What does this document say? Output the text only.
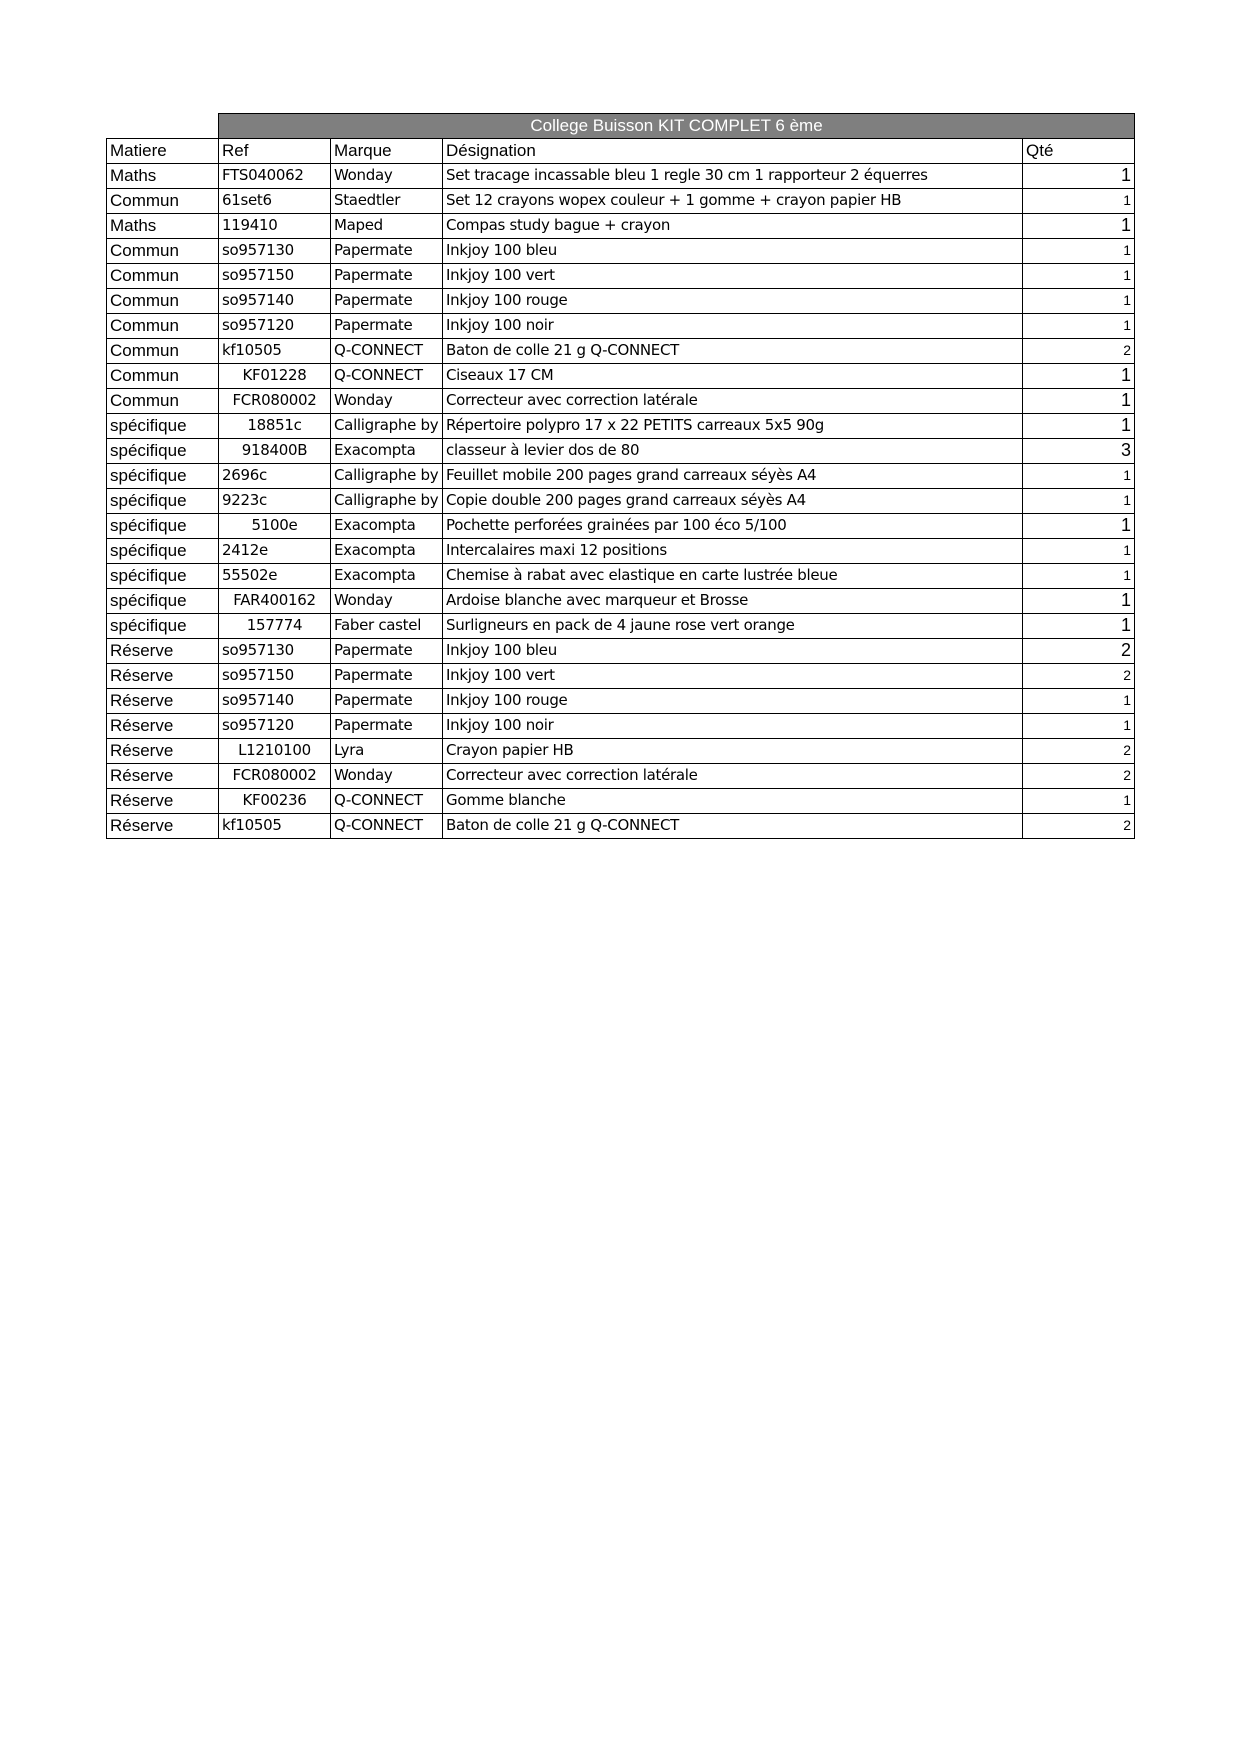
	College Buisson KIT COMPLET 6 ème			
Matiere	Ref	Marque	Désignation	Qté
Maths	FTS040062	Wonday	Set tracage incassable bleu 1 regle 30 cm 1 rapporteur 2 équerres	1
Commun	61set6	Staedtler	Set 12 crayons wopex couleur + 1 gomme + crayon papier HB	1
Maths	119410	Maped	Compas study bague + crayon	1
Commun	so957130	Papermate	Inkjoy 100 bleu	1
Commun	so957150	Papermate	Inkjoy 100 vert	1
Commun	so957140	Papermate	Inkjoy 100 rouge	1
Commun	so957120	Papermate	Inkjoy 100 noir	1
Commun	kf10505	Q-CONNECT	Baton de colle 21 g Q-CONNECT	2
Commun	KF01228	Q-CONNECT	Ciseaux 17 CM	1
Commun	FCR080002	Wonday	Correcteur avec correction latérale	1
spécifique	18851c	Calligraphe by	Répertoire polypro 17 x 22 PETITS carreaux 5x5 90g	1
spécifique	918400B	Exacompta	classeur à levier dos de 80	3
spécifique	2696c	Calligraphe by	Feuillet mobile 200 pages grand carreaux séyès A4	1
spécifique	9223c	Calligraphe by	Copie double 200 pages grand carreaux séyès A4	1
spécifique	5100e	Exacompta	Pochette perforées grainées par 100 éco 5/100	1
spécifique	2412e	Exacompta	Intercalaires maxi 12 positions	1
spécifique	55502e	Exacompta	Chemise à rabat avec elastique en carte lustrée bleue	1
spécifique	FAR400162	Wonday	Ardoise blanche avec marqueur et Brosse	1
spécifique	157774	Faber castel	Surligneurs en pack de 4 jaune rose vert orange	1
Réserve	so957130	Papermate	Inkjoy 100 bleu	2
Réserve	so957150	Papermate	Inkjoy 100 vert	2
Réserve	so957140	Papermate	Inkjoy 100 rouge	1
Réserve	so957120	Papermate	Inkjoy 100 noir	1
Réserve	L1210100	Lyra	Crayon papier HB	2
Réserve	FCR080002	Wonday	Correcteur avec correction latérale	2
Réserve	KF00236	Q-CONNECT	Gomme blanche	1
Réserve	kf10505	Q-CONNECT	Baton de colle 21 g Q-CONNECT	2
